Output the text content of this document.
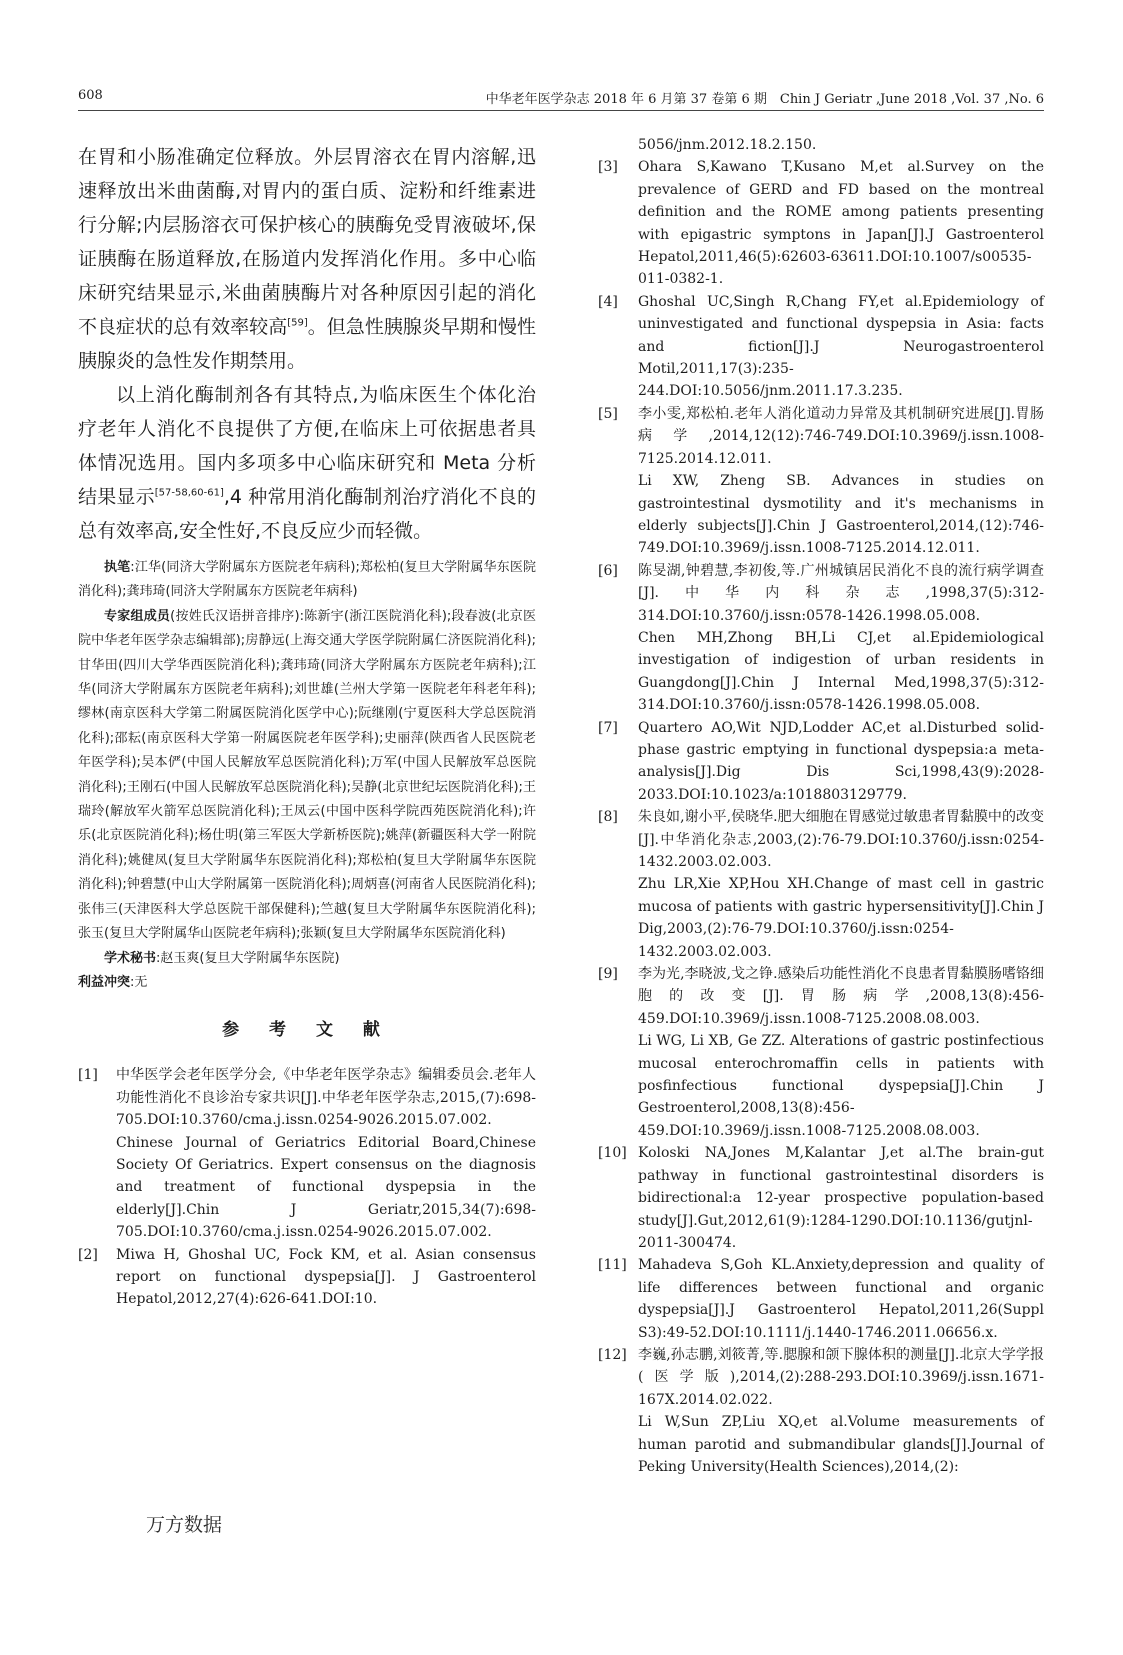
608	中华老年医学杂志 2018 年 6 月第 37 卷第 6 期　Chin J Geriatr ,June 2018 ,Vol. 37 ,No. 6

在胃和小肠准确定位释放。外层胃溶衣在胃内溶解,迅速释放出米曲菌酶,对胃内的蛋白质、淀粉和纤维素进行分解;内层肠溶衣可保护核心的胰酶免受胃液破坏,保证胰酶在肠道释放,在肠道内发挥消化作用。多中心临床研究结果显示,米曲菌胰酶片对各种原因引起的消化不良症状的总有效率较高[59]。但急性胰腺炎早期和慢性胰腺炎的急性发作期禁用。

以上消化酶制剂各有其特点,为临床医生个体化治疗老年人消化不良提供了方便,在临床上可依据患者具体情况选用。国内多项多中心临床研究和 Meta 分析结果显示[57-58,60-61],4 种常用消化酶制剂治疗消化不良的总有效率高,安全性好,不良反应少而轻微。

执笔:江华(同济大学附属东方医院老年病科);郑松柏(复旦大学附属华东医院消化科);龚玮琦(同济大学附属东方医院老年病科)

专家组成员(按姓氏汉语拼音排序):陈新宇(浙江医院消化科);段春波(北京医院中华老年医学杂志编辑部);房静远(上海交通大学医学院附属仁济医院消化科);甘华田(四川大学华西医院消化科);龚玮琦(同济大学附属东方医院老年病科);江华(同济大学附属东方医院老年病科);刘世雄(兰州大学第一医院老年科老年科);缪林(南京医科大学第二附属医院消化医学中心);阮继刚(宁夏医科大学总医院消化科);邵耘(南京医科大学第一附属医院老年医学科);史丽萍(陕西省人民医院老年医学科);吴本俨(中国人民解放军总医院消化科);万军(中国人民解放军总医院消化科);王刚石(中国人民解放军总医院消化科);吴静(北京世纪坛医院消化科);王瑞玲(解放军火箭军总医院消化科);王凤云(中国中医科学院西苑医院消化科);许乐(北京医院消化科);杨仕明(第三军医大学新桥医院);姚萍(新疆医科大学一附院消化科);姚健凤(复旦大学附属华东医院消化科);郑松柏(复旦大学附属华东医院消化科);钟碧慧(中山大学附属第一医院消化科);周炳喜(河南省人民医院消化科);张伟三(天津医科大学总医院干部保健科);竺越(复旦大学附属华东医院消化科);张玉(复旦大学附属华山医院老年病科);张颖(复旦大学附属华东医院消化科)

学术秘书:赵玉爽(复旦大学附属华东医院)

利益冲突:无

参 考 文 献
[1] 中华医学会老年医学分会,《中华老年医学杂志》编辑委员会.老年人功能性消化不良诊治专家共识[J].中华老年医学杂志,2015,(7):698-705.DOI:10.3760/cma.j.issn.0254-9026.2015.07.002.
Chinese Journal of Geriatrics Editorial Board,Chinese Society Of Geriatrics. Expert consensus on the diagnosis and treatment of functional dyspepsia in the elderly[J].Chin J Geriatr,2015,34(7):698-705.DOI:10.3760/cma.j.issn.0254-9026.2015.07.002.
[2] Miwa H, Ghoshal UC, Fock KM, et al. Asian consensus report on functional dyspepsia[J]. J Gastroenterol Hepatol,2012,27(4):626-641.DOI:10.
5056/jnm.2012.18.2.150.
[3] Ohara S,Kawano T,Kusano M,et al.Survey on the prevalence of GERD and FD based on the montreal definition and the ROME among patients presenting with epigastric symptons in Japan[J].J Gastroenterol Hepatol,2011,46(5):62603-63611.DOI:10.1007/s00535-011-0382-1.
[4] Ghoshal UC,Singh R,Chang FY,et al.Epidemiology of uninvestigated and functional dyspepsia in Asia: facts and fiction[J].J Neurogastroenterol Motil,2011,17(3):235-244.DOI:10.5056/jnm.2011.17.3.235.
[5] 李小雯,郑松柏.老年人消化道动力异常及其机制研究进展[J].胃肠病学,2014,12(12):746-749.DOI:10.3969/j.issn.1008-7125.2014.12.011.
Li XW, Zheng SB. Advances in studies on gastrointestinal dysmotility and it's mechanisms in elderly subjects[J].Chin J Gastroenterol,2014,(12):746-749.DOI:10.3969/j.issn.1008-7125.2014.12.011.
[6] 陈旻湖,钟碧慧,李初俊,等.广州城镇居民消化不良的流行病学调查[J].中华内科杂志,1998,37(5):312-314.DOI:10.3760/j.issn:0578-1426.1998.05.008.
Chen MH,Zhong BH,Li CJ,et al.Epidemiological investigation of indigestion of urban residents in Guangdong[J].Chin J Internal Med,1998,37(5):312-314.DOI:10.3760/j.issn:0578-1426.1998.05.008.
[7] Quartero AO,Wit NJD,Lodder AC,et al.Disturbed solid-phase gastric emptying in functional dyspepsia:a meta-analysis[J].Dig Dis Sci,1998,43(9):2028-2033.DOI:10.1023/a:1018803129779.
[8] 朱良如,谢小平,侯晓华.肥大细胞在胃感觉过敏患者胃黏膜中的改变[J].中华消化杂志,2003,(2):76-79.DOI:10.3760/j.issn:0254-1432.2003.02.003.
Zhu LR,Xie XP,Hou XH.Change of mast cell in gastric mucosa of patients with gastric hypersensitivity[J].Chin J Dig,2003,(2):76-79.DOI:10.3760/j.issn:0254-1432.2003.02.003.
[9] 李为光,李晓波,戈之铮.感染后功能性消化不良患者胃黏膜肠嗜铬细胞的改变[J].胃肠病学,2008,13(8):456-459.DOI:10.3969/j.issn.1008-7125.2008.08.003.
Li WG, Li XB, Ge ZZ. Alterations of gastric postinfectious mucosal enterochromaffin cells in patients with posfinfectious functional dyspepsia[J].Chin J Gestroenterol,2008,13(8):456-459.DOI:10.3969/j.issn.1008-7125.2008.08.003.
[10] Koloski NA,Jones M,Kalantar J,et al.The brain-gut pathway in functional gastrointestinal disorders is bidirectional:a 12-year prospective population-based study[J].Gut,2012,61(9):1284-1290.DOI:10.1136/gutjnl-2011-300474.
[11] Mahadeva S,Goh KL.Anxiety,depression and quality of life differences between functional and organic dyspepsia[J].J Gastroenterol Hepatol,2011,26(Suppl S3):49-52.DOI:10.1111/j.1440-1746.2011.06656.x.
[12] 李巍,孙志鹏,刘筱菁,等.腮腺和颌下腺体积的测量[J].北京大学学报(医学版),2014,(2):288-293.DOI:10.3969/j.issn.1671-167X.2014.02.022.
Li W,Sun ZP,Liu XQ,et al.Volume measurements of human parotid and submandibular glands[J].Journal of Peking University(Health Sciences),2014,(2):
万方数据
